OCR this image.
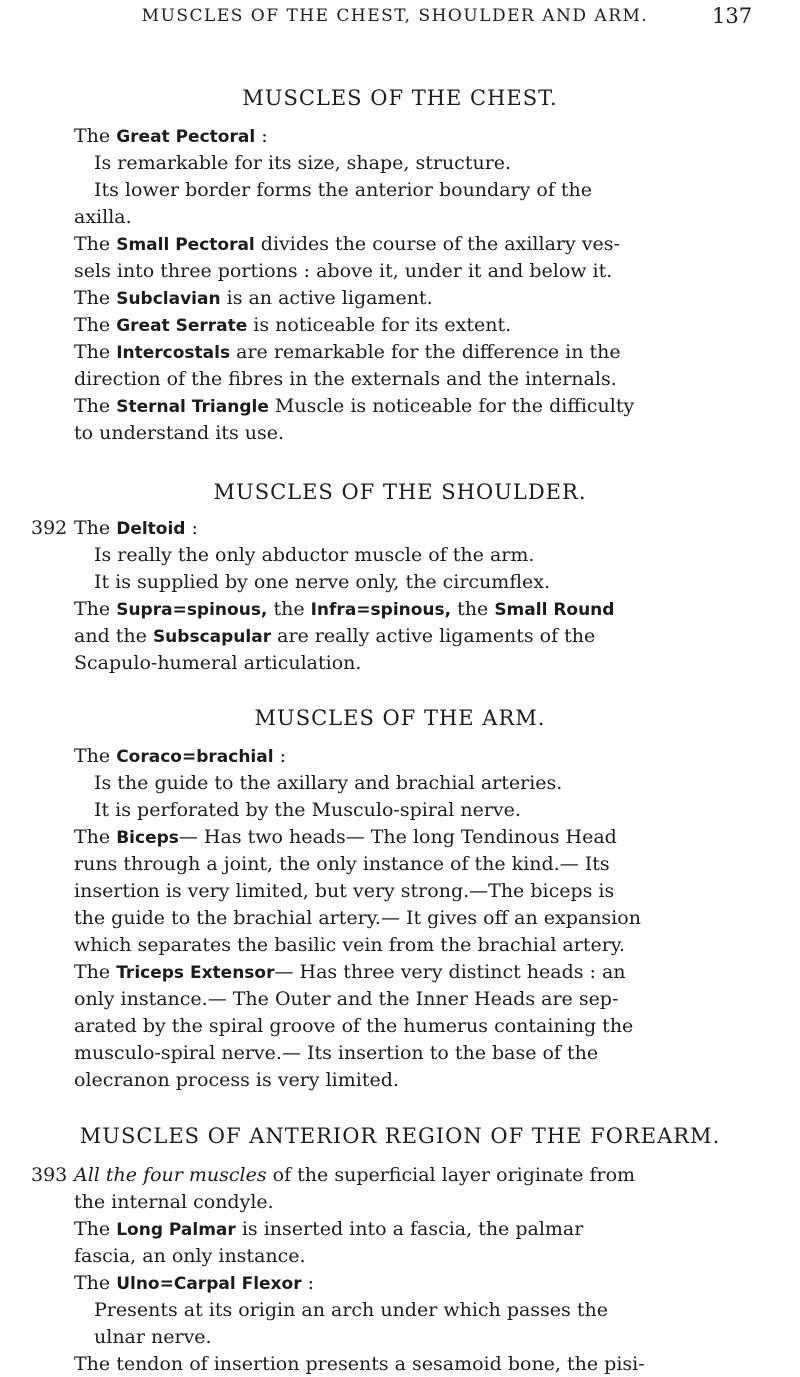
MUSCLES OF THE CHEST, SHOULDER AND ARM.	137
MUSCLES OF THE CHEST.
The Great Pectoral :
Is remarkable for its size, shape, structure.
Its lower border forms the anterior boundary of the
axilla.
The Small Pectoral divides the course of the axillary ves-
sels into three portions : above it, under it and below it.
The Subclavian is an active ligament.
The Great Serrate is noticeable for its extent.
The Intercostals are remarkable for the difference in the
direction of the fibres in the externals and the internals.
The Sternal Triangle Muscle is noticeable for the difficulty
to understand its use.
MUSCLES OF THE SHOULDER.
392 The Deltoid :
Is really the only abductor muscle of the arm.
It is supplied by one nerve only, the circumflex.
The Supra=spinous, the Infra=spinous, the Small Round
and the Subscapular are really active ligaments of the
Scapulo-humeral articulation.
MUSCLES OF THE ARM.
The Coraco=brachial :
Is the guide to the axillary and brachial arteries.
It is perforated by the Musculo-spiral nerve.
The Biceps— Has two heads— The long Tendinous Head
runs through a joint, the only instance of the kind.— Its
insertion is very limited, but very strong.—The biceps is
the guide to the brachial artery.— It gives off an expansion
which separates the basilic vein from the brachial artery.
The Triceps Extensor— Has three very distinct heads : an
only instance.— The Outer and the Inner Heads are sep-
arated by the spiral groove of the humerus containing the
musculo-spiral nerve.— Its insertion to the base of the
olecranon process is very limited.
MUSCLES OF ANTERIOR REGION OF THE FOREARM.
393 All the four muscles of the superficial layer originate from
the internal condyle.
The Long Palmar is inserted into a fascia, the palmar
fascia, an only instance.
The Ulno=Carpal Flexor :
Presents at its origin an arch under which passes the
ulnar nerve.
The tendon of insertion presents a sesamoid bone, the pisi-
